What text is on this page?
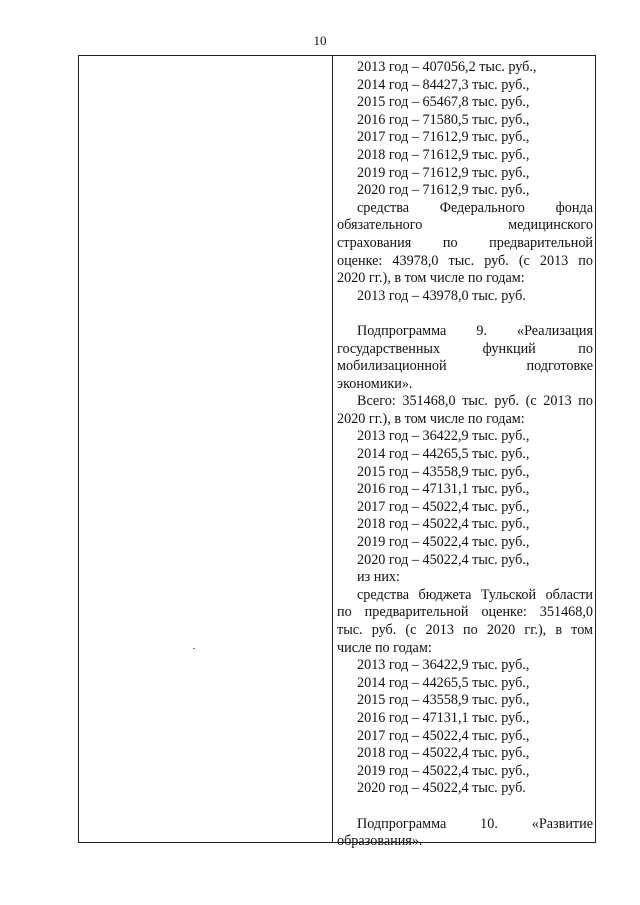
10
2013 год – 407056,2 тыс. руб.,
2014 год – 84427,3 тыс. руб.,
2015 год – 65467,8 тыс. руб.,
2016 год – 71580,5 тыс. руб.,
2017 год – 71612,9 тыс. руб.,
2018 год – 71612,9 тыс. руб.,
2019 год – 71612,9 тыс. руб.,
2020 год – 71612,9 тыс. руб.,
средства Федерального фонда
обязательного медицинского
страхования по предварительной
оценке: 43978,0 тыс. руб. (с 2013 по
2020 гг.), в том числе по годам:
2013 год – 43978,0 тыс. руб.
Подпрограмма 9. «Реализация
государственных функций по
мобилизационной подготовке
экономики».
Всего: 351468,0 тыс. руб. (с 2013 по
2020 гг.), в том числе по годам:
2013 год – 36422,9 тыс. руб.,
2014 год – 44265,5 тыс. руб.,
2015 год – 43558,9 тыс. руб.,
2016 год – 47131,1 тыс. руб.,
2017 год – 45022,4 тыс. руб.,
2018 год – 45022,4 тыс. руб.,
2019 год – 45022,4 тыс. руб.,
2020 год – 45022,4 тыс. руб.,
из них:
средства бюджета Тульской области
по предварительной оценке: 351468,0
тыс. руб. (с 2013 по 2020 гг.), в том
числе по годам:
2013 год – 36422,9 тыс. руб.,
2014 год – 44265,5 тыс. руб.,
2015 год – 43558,9 тыс. руб.,
2016 год – 47131,1 тыс. руб.,
2017 год – 45022,4 тыс. руб.,
2018 год – 45022,4 тыс. руб.,
2019 год – 45022,4 тыс. руб.,
2020 год – 45022,4 тыс. руб.
Подпрограмма 10. «Развитие
образования».
